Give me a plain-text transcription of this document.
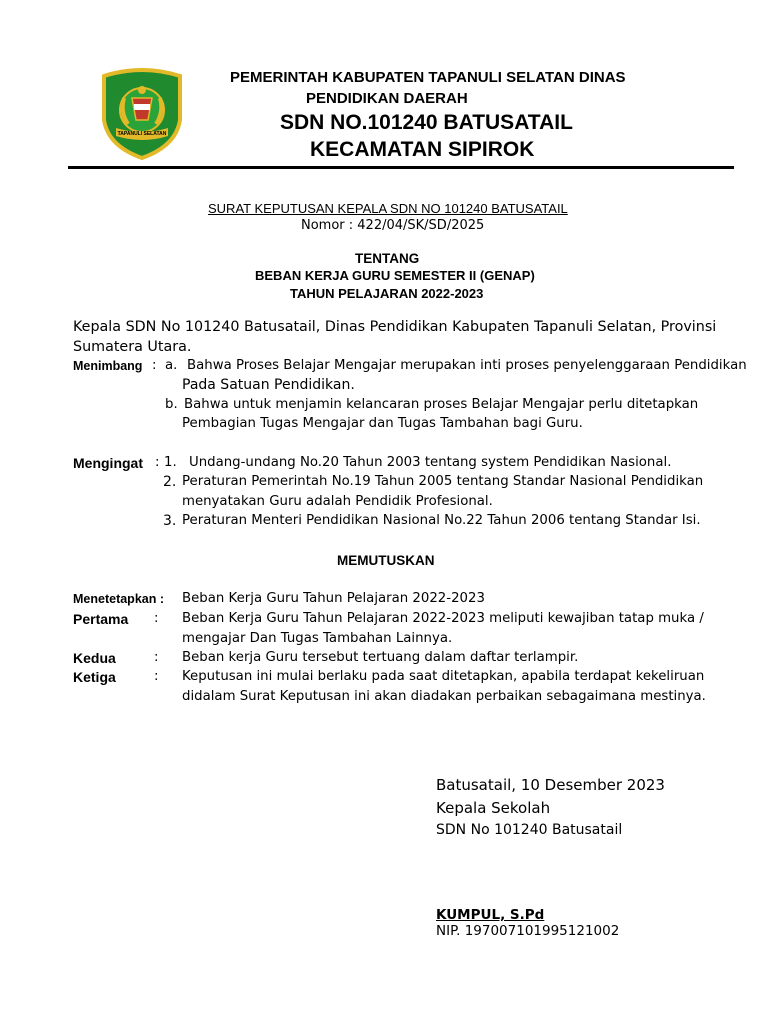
TAPANULI SELATAN
PEMERINTAH KABUPATEN TAPANULI SELATAN DINAS
PENDIDIKAN DAERAH
SDN NO.101240 BATUSATAIL
KECAMATAN SIPIROK
SURAT KEPUTUSAN KEPALA SDN NO 101240 BATUSATAIL
Nomor : 422/04/SK/SD/2025
TENTANG
BEBAN KERJA GURU SEMESTER II (GENAP)
TAHUN PELAJARAN 2022-2023
Kepala SDN No 101240 Batusatail, Dinas Pendidikan Kabupaten Tapanuli Selatan, Provinsi
Sumatera Utara.
Menimbang : a. Bahwa Proses Belajar Mengajar merupakan inti proses penyelenggaraan Pendidikan
Pada Satuan Pendidikan.
b. Bahwa untuk menjamin kelancaran proses Belajar Mengajar perlu ditetapkan
Pembagian Tugas Mengajar dan Tugas Tambahan bagi Guru.
Mengingat : 1. Undang-undang No.20 Tahun 2003 tentang system Pendidikan Nasional.
2. Peraturan Pemerintah No.19 Tahun 2005 tentang Standar Nasional Pendidikan
menyatakan Guru adalah Pendidik Profesional.
3. Peraturan Menteri Pendidikan Nasional No.22 Tahun 2006 tentang Standar Isi.
MEMUTUSKAN
Menetetapkan : Beban Kerja Guru Tahun Pelajaran 2022-2023
Pertama : Beban Kerja Guru Tahun Pelajaran 2022-2023 meliputi kewajiban tatap muka /
mengajar Dan Tugas Tambahan Lainnya.
Kedua	: Beban kerja Guru tersebut tertuang dalam daftar terlampir.
Ketiga	: Keputusan ini mulai berlaku pada saat ditetapkan, apabila terdapat kekeliruan
didalam Surat Keputusan ini akan diadakan perbaikan sebagaimana mestinya.
Batusatail, 10 Desember 2023
Kepala Sekolah
SDN No 101240 Batusatail
KUMPUL, S.Pd
NIP. 197007101995121002
